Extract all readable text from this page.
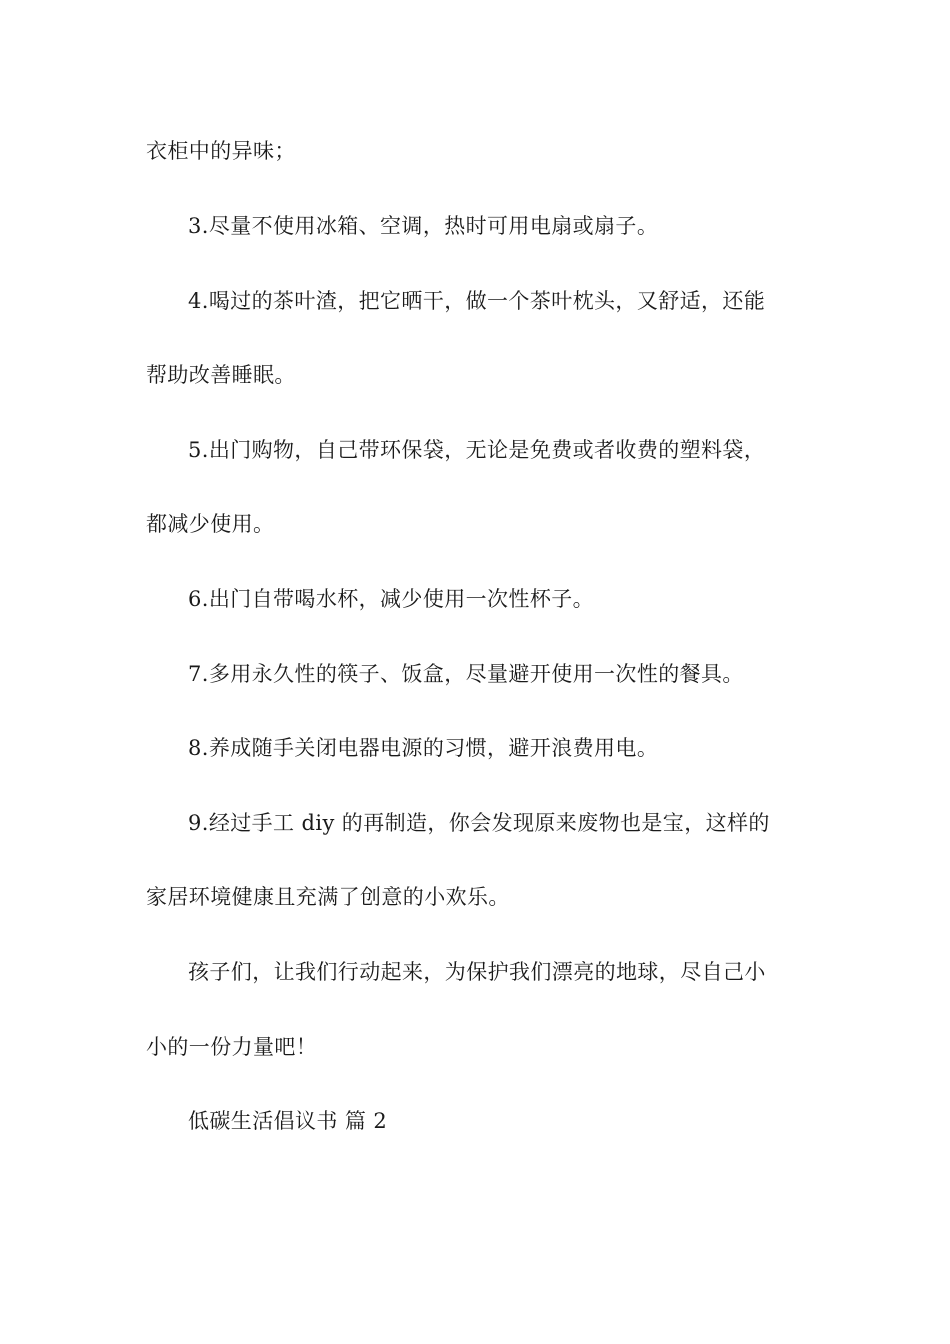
衣柜中的异味；

3.尽量不使用冰箱、空调，热时可用电扇或扇子。

4.喝过的茶叶渣，把它晒干，做一个茶叶枕头，又舒适，还能

帮助改善睡眠。

5.出门购物，自己带环保袋，无论是免费或者收费的塑料袋，

都减少使用。

6.出门自带喝水杯，减少使用一次性杯子。

7.多用永久性的筷子、饭盒，尽量避开使用一次性的餐具。

8.养成随手关闭电器电源的习惯，避开浪费用电。

9.经过手工 diy 的再制造，你会发现原来废物也是宝，这样的

家居环境健康且充满了创意的小欢乐。

孩子们，让我们行动起来，为保护我们漂亮的地球，尽自己小

小的一份力量吧！

低碳生活倡议书 篇 2
